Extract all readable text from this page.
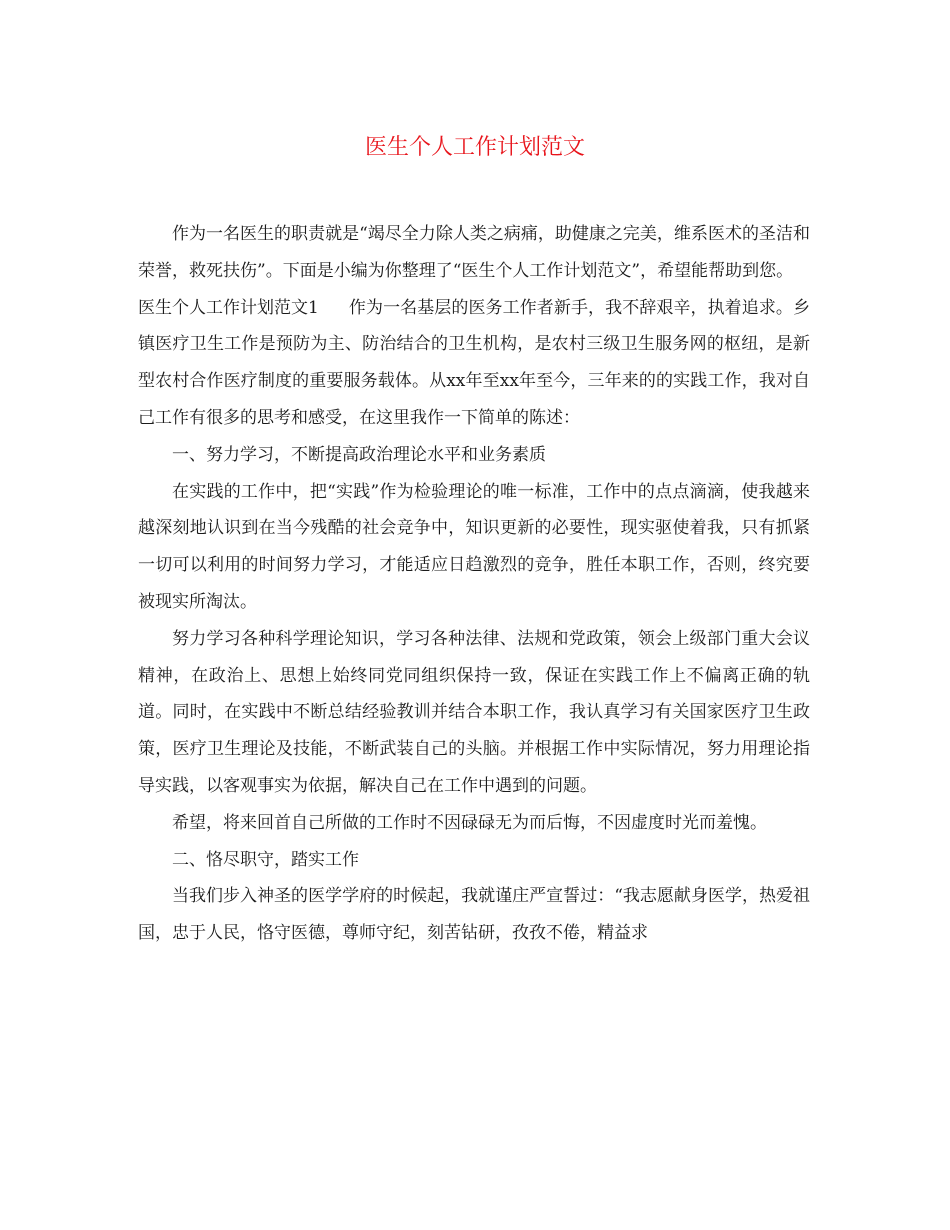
医生个人工作计划范文

作为一名医生的职责就是“竭尽全力除人类之病痛，助健康之完美，维系医术的圣洁和荣誉，救死扶伤”。下面是小编为你整理了“医生个人工作计划范文”，希望能帮助到您。

医生个人工作计划范文1 作为一名基层的医务工作者新手，我不辞艰辛，执着追求。乡镇医疗卫生工作是预防为主、防治结合的卫生机构，是农村三级卫生服务网的枢纽，是新型农村合作医疗制度的重要服务载体。从xx年至xx年至今，三年来的的实践工作，我对自己工作有很多的思考和感受，在这里我作一下简单的陈述：

一、努力学习，不断提高政治理论水平和业务素质

在实践的工作中，把“实践”作为检验理论的唯一标准，工作中的点点滴滴，使我越来越深刻地认识到在当今残酷的社会竞争中，知识更新的必要性，现实驱使着我，只有抓紧一切可以利用的时间努力学习，才能适应日趋激烈的竞争，胜任本职工作，否则，终究要被现实所淘汰。

努力学习各种科学理论知识，学习各种法律、法规和党政策，领会上级部门重大会议精神，在政治上、思想上始终同党同组织保持一致，保证在实践工作上不偏离正确的轨道。同时，在实践中不断总结经验教训并结合本职工作，我认真学习有关国家医疗卫生政策，医疗卫生理论及技能，不断武装自己的头脑。并根据工作中实际情况，努力用理论指导实践，以客观事实为依据，解决自己在工作中遇到的问题。

希望，将来回首自己所做的工作时不因碌碌无为而后悔，不因虚度时光而羞愧。

二、恪尽职守，踏实工作

当我们步入神圣的医学学府的时候起，我就谨庄严宣誓过：“我志愿献身医学，热爱祖国，忠于人民，恪守医德，尊师守纪，刻苦钻研，孜孜不倦，精益求
